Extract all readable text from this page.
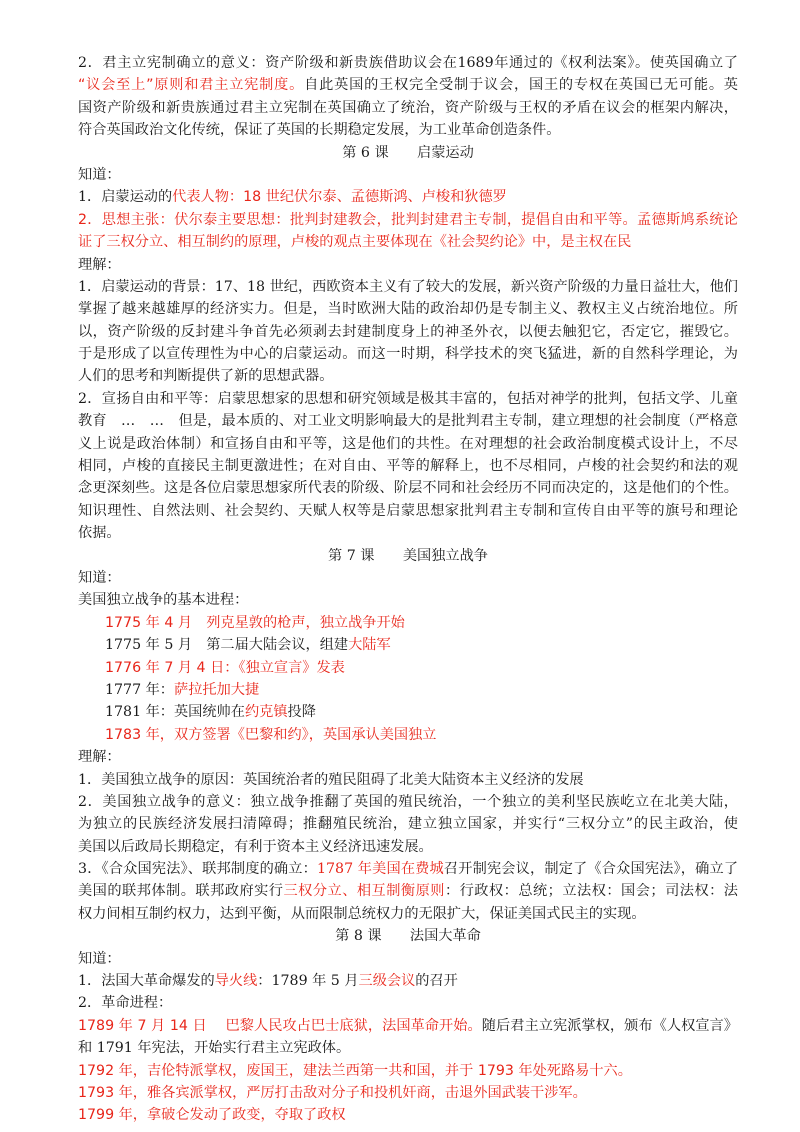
2．君主立宪制确立的意义：资产阶级和新贵族借助议会在1689年通过的《权利法案》。使英国确立了
“议会至上”原则和君主立宪制度。自此英国的王权完全受制于议会，国王的专权在英国已无可能。英
国资产阶级和新贵族通过君主立宪制在英国确立了统治，资产阶级与王权的矛盾在议会的框架内解决，
符合英国政治文化传统，保证了英国的长期稳定发展，为工业革命创造条件。
第 6 课　　启蒙运动
知道：
1．启蒙运动的代表人物：18 世纪伏尔泰、孟德斯鸿、卢梭和狄德罗
2．思想主张：伏尔泰主要思想：批判封建教会，批判封建君主专制，提倡自由和平等。孟德斯鸠系统论
证了三权分立、相互制约的原理，卢梭的观点主要体现在《社会契约论》中，是主权在民
理解：
1．启蒙运动的背景：17、18 世纪，西欧资本主义有了较大的发展，新兴资产阶级的力量日益壮大，他们
掌握了越来越雄厚的经济实力。但是，当时欧洲大陆的政治却仍是专制主义、教权主义占统治地位。所
以，资产阶级的反封建斗争首先必须剥去封建制度身上的神圣外衣，以便去触犯它，否定它，摧毁它。
于是形成了以宣传理性为中心的启蒙运动。而这一时期，科学技术的突飞猛进，新的自然科学理论，为
人们的思考和判断提供了新的思想武器。
2．宣扬自由和平等：启蒙思想家的思想和研究领域是极其丰富的，包括对神学的批判，包括文学、儿童
教育　…　…　但是，最本质的、对工业文明影响最大的是批判君主专制，建立理想的社会制度（严格意
义上说是政治体制）和宣扬自由和平等，这是他们的共性。在对理想的社会政治制度模式设计上，不尽
相同，卢梭的直接民主制更激进性；在对自由、平等的解释上，也不尽相同，卢梭的社会契约和法的观
念更深刻些。这是各位启蒙思想家所代表的阶级、阶层不同和社会经历不同而决定的，这是他们的个性。
知识理性、自然法则、社会契约、天赋人权等是启蒙思想家批判君主专制和宣传自由平等的旗号和理论
依据。
第 7 课　　美国独立战争
知道：
美国独立战争的基本进程：
1775 年 4 月　列克星敦的枪声，独立战争开始
1775 年 5 月　第二届大陆会议，组建大陆军
1776 年 7 月 4 日：《独立宣言》发表
1777 年：萨拉托加大捷
1781 年：英国统帅在约克镇投降
1783 年，双方签署《巴黎和约》，英国承认美国独立
理解：
1．美国独立战争的原因：英国统治者的殖民阻碍了北美大陆资本主义经济的发展
2．美国独立战争的意义：独立战争推翻了英国的殖民统治，一个独立的美利坚民族屹立在北美大陆，
为独立的民族经济发展扫清障碍；推翻殖民统治，建立独立国家，并实行“三权分立”的民主政治，使
美国以后政局长期稳定，有利于资本主义经济迅速发展。
3．《合众国宪法》、联邦制度的确立：1787 年美国在费城召开制宪会议，制定了《合众国宪法》，确立了
美国的联邦体制。联邦政府实行三权分立、相互制衡原则：行政权：总统；立法权：国会；司法权：法
权力间相互制约权力，达到平衡，从而限制总统权力的无限扩大，保证美国式民主的实现。
第 8 课　　法国大革命
知道：
1．法国大革命爆发的导火线：1789 年 5 月三级会议的召开
2．革命进程：
1789 年 7 月 14 日　 巴黎人民攻占巴士底狱，法国革命开始。随后君主立宪派掌权，颁布《人权宣言》
和 1791 年宪法，开始实行君主立宪政体。
1792 年，吉伦特派掌权，废国王，建法兰西第一共和国，并于 1793 年处死路易十六。
1793 年，雅各宾派掌权，严厉打击敌对分子和投机奸商，击退外国武装干涉军。
1799 年，拿破仑发动了政变，夺取了政权
